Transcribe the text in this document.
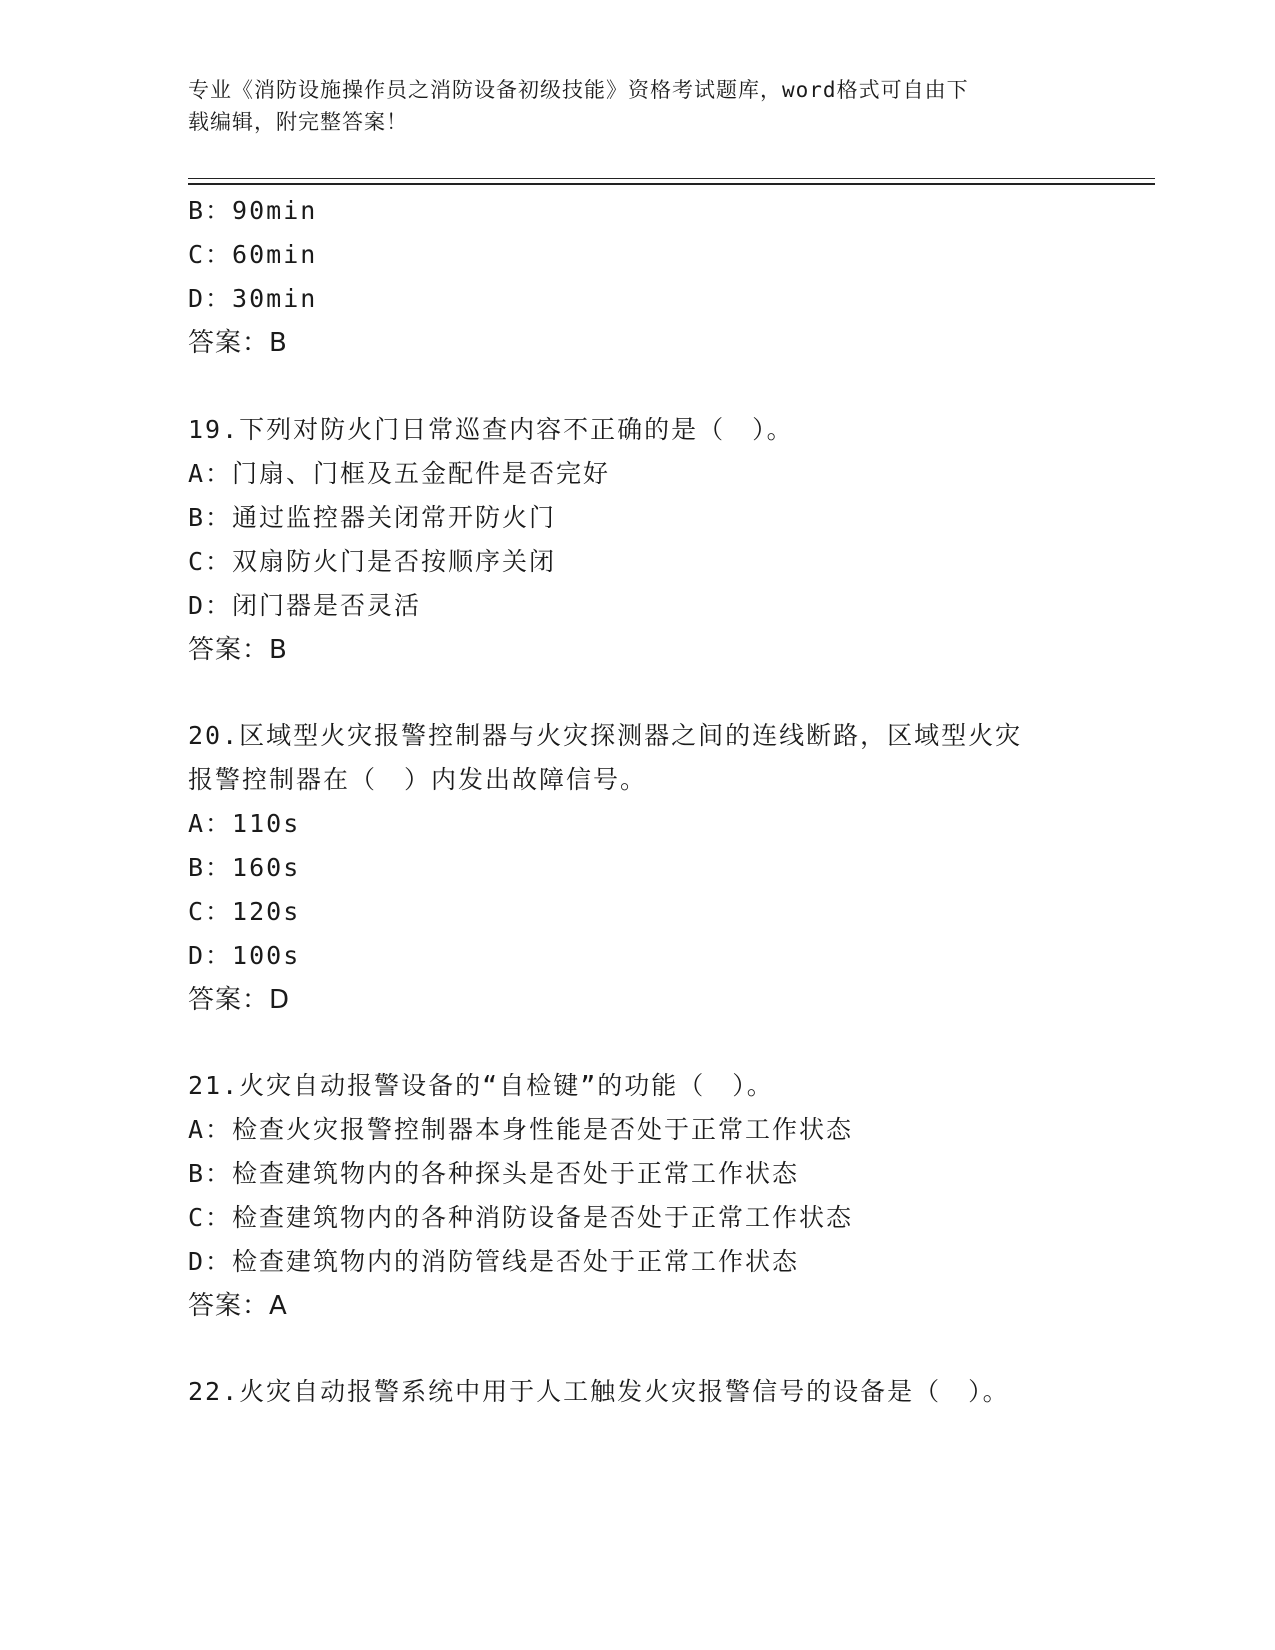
专业《消防设施操作员之消防设备初级技能》资格考试题库，word格式可自由下
载编辑，附完整答案！
B：90min
C：60min
D：30min
答案：B
19.下列对防火门日常巡查内容不正确的是（　）。
A：门扇、门框及五金配件是否完好
B：通过监控器关闭常开防火门
C：双扇防火门是否按顺序关闭
D：闭门器是否灵活
答案：B
20.区域型火灾报警控制器与火灾探测器之间的连线断路，区域型火灾
报警控制器在（　）内发出故障信号。
A：110s
B：160s
C：120s
D：100s
答案：D
21.火灾自动报警设备的“自检键”的功能（　）。
A：检查火灾报警控制器本身性能是否处于正常工作状态
B：检查建筑物内的各种探头是否处于正常工作状态
C：检查建筑物内的各种消防设备是否处于正常工作状态
D：检查建筑物内的消防管线是否处于正常工作状态
答案：A
22.火灾自动报警系统中用于人工触发火灾报警信号的设备是（　）。
